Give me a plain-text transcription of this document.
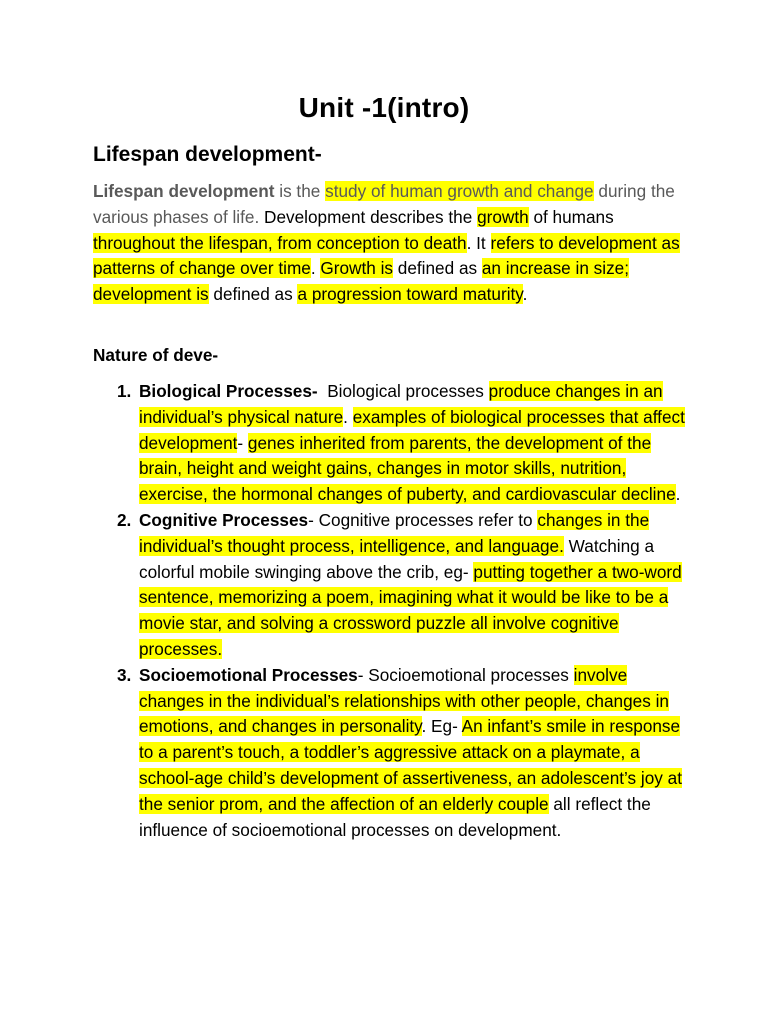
Unit -1(intro)
Lifespan development-

Lifespan development is the study of human growth and change during the various phases of life. Development describes the growth of humans throughout the lifespan, from conception to death. It refers to development as patterns of change over time. Growth is defined as an increase in size; development is defined as a progression toward maturity.

Nature of deve-
1. Biological Processes-  Biological processes produce changes in an individual’s physical nature. examples of biological processes that affect development- genes inherited from parents, the development of the brain, height and weight gains, changes in motor skills, nutrition, exercise, the hormonal changes of puberty, and cardiovascular decline.
2. Cognitive Processes- Cognitive processes refer to changes in the individual’s thought process, intelligence, and language. Watching a colorful mobile swinging above the crib, eg- putting together a two-word sentence, memorizing a poem, imagining what it would be like to be a movie star, and solving a crossword puzzle all involve cognitive processes.
3. Socioemotional Processes- Socioemotional processes involve changes in the individual’s relationships with other people, changes in emotions, and changes in personality. Eg- An infant’s smile in response to a parent’s touch, a toddler’s aggressive attack on a playmate, a school-age child’s development of assertiveness, an adolescent’s joy at the senior prom, and the affection of an elderly couple all reflect the influence of socioemotional processes on development.
